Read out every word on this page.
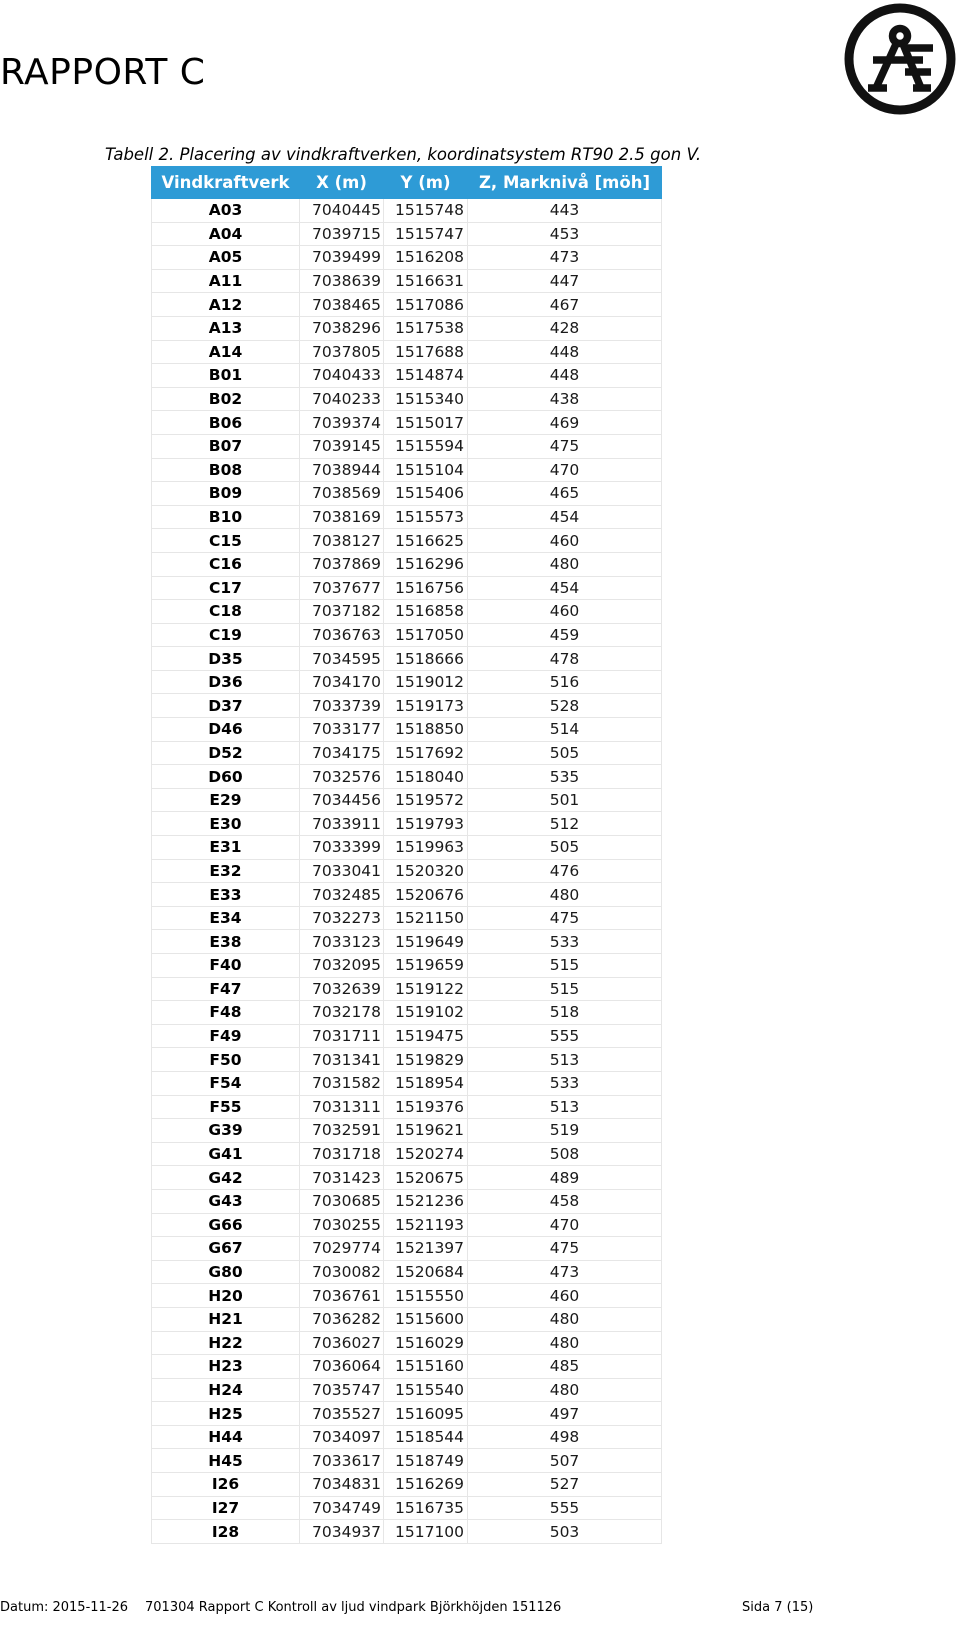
RAPPORT C

Tabell 2. Placering av vindkraftverken, koordinatsystem RT90 2.5 gon V.

Vindkraftverk	X (m)	Y (m)	Z, Marknivå [möh]
A03	7040445	1515748	443
A04	7039715	1515747	453
A05	7039499	1516208	473
A11	7038639	1516631	447
A12	7038465	1517086	467
A13	7038296	1517538	428
A14	7037805	1517688	448
B01	7040433	1514874	448
B02	7040233	1515340	438
B06	7039374	1515017	469
B07	7039145	1515594	475
B08	7038944	1515104	470
B09	7038569	1515406	465
B10	7038169	1515573	454
C15	7038127	1516625	460
C16	7037869	1516296	480
C17	7037677	1516756	454
C18	7037182	1516858	460
C19	7036763	1517050	459
D35	7034595	1518666	478
D36	7034170	1519012	516
D37	7033739	1519173	528
D46	7033177	1518850	514
D52	7034175	1517692	505
D60	7032576	1518040	535
E29	7034456	1519572	501
E30	7033911	1519793	512
E31	7033399	1519963	505
E32	7033041	1520320	476
E33	7032485	1520676	480
E34	7032273	1521150	475
E38	7033123	1519649	533
F40	7032095	1519659	515
F47	7032639	1519122	515
F48	7032178	1519102	518
F49	7031711	1519475	555
F50	7031341	1519829	513
F54	7031582	1518954	533
F55	7031311	1519376	513
G39	7032591	1519621	519
G41	7031718	1520274	508
G42	7031423	1520675	489
G43	7030685	1521236	458
G66	7030255	1521193	470
G67	7029774	1521397	475
G80	7030082	1520684	473
H20	7036761	1515550	460
H21	7036282	1515600	480
H22	7036027	1516029	480
H23	7036064	1515160	485
H24	7035747	1515540	480
H25	7035527	1516095	497
H44	7034097	1518544	498
H45	7033617	1518749	507
I26	7034831	1516269	527
I27	7034749	1516735	555
I28	7034937	1517100	503
Datum: 2015-11-26 701304 Rapport C Kontroll av ljud vindpark Björkhöjden 151126	Sida 7 (15)
